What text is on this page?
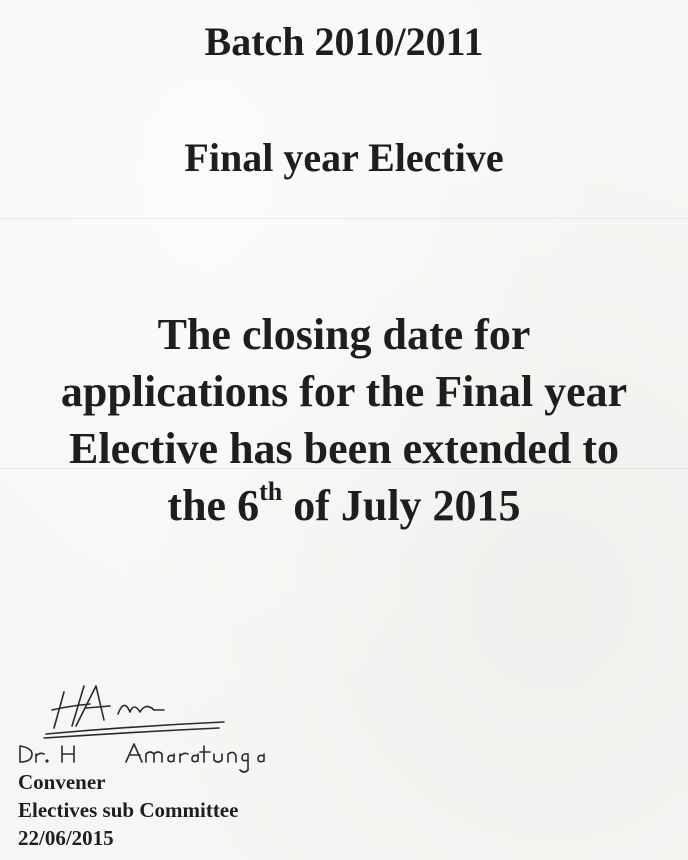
Batch 2010/2011
Final year Elective

The closing date for
applications for the Final year
Elective has been extended to
the 6th of July 2015

Convener
Electives sub Committee
22/06/2015
